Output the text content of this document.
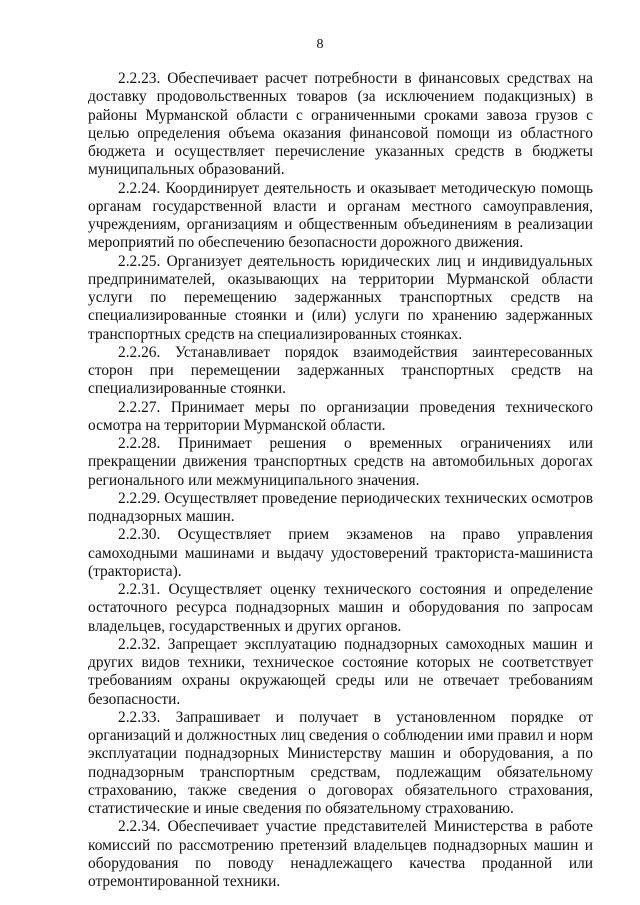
8

2.2.23. Обеспечивает расчет потребности в финансовых средствах на доставку продовольственных товаров (за исключением подакцизных) в районы Мурманской области с ограниченными сроками завоза грузов с целью определения объема оказания финансовой помощи из областного бюджета и осуществляет перечисление указанных средств в бюджеты муниципальных образований.

2.2.24. Координирует деятельность и оказывает методическую помощь органам государственной власти и органам местного самоуправления, учреждениям, организациям и общественным объединениям в реализации мероприятий по обеспечению безопасности дорожного движения.

2.2.25. Организует деятельность юридических лиц и индивидуальных предпринимателей, оказывающих на территории Мурманской области услуги по перемещению задержанных транспортных средств на специализированные стоянки и (или) услуги по хранению задержанных транспортных средств на специализированных стоянках.

2.2.26. Устанавливает порядок взаимодействия заинтересованных сторон при перемещении задержанных транспортных средств на специализированные стоянки.

2.2.27. Принимает меры по организации проведения технического осмотра на территории Мурманской области.

2.2.28. Принимает решения о временных ограничениях или прекращении движения транспортных средств на автомобильных дорогах регионального или межмуниципального значения.

2.2.29. Осуществляет проведение периодических технических осмотров поднадзорных машин.

2.2.30. Осуществляет прием экзаменов на право управления самоходными машинами и выдачу удостоверений тракториста-машиниста (тракториста).

2.2.31. Осуществляет оценку технического состояния и определение остаточного ресурса поднадзорных машин и оборудования по запросам владельцев, государственных и других органов.

2.2.32. Запрещает эксплуатацию поднадзорных самоходных машин и других видов техники, техническое состояние которых не соответствует требованиям охраны окружающей среды или не отвечает требованиям безопасности.

2.2.33. Запрашивает и получает в установленном порядке от организаций и должностных лиц сведения о соблюдении ими правил и норм эксплуатации поднадзорных Министерству машин и оборудования, а по поднадзорным транспортным средствам, подлежащим обязательному страхованию, также сведения о договорах обязательного страхования, статистические и иные сведения по обязательному страхованию.

2.2.34. Обеспечивает участие представителей Министерства в работе комиссий по рассмотрению претензий владельцев поднадзорных машин и оборудования по поводу ненадлежащего качества проданной или отремонтированной техники.
